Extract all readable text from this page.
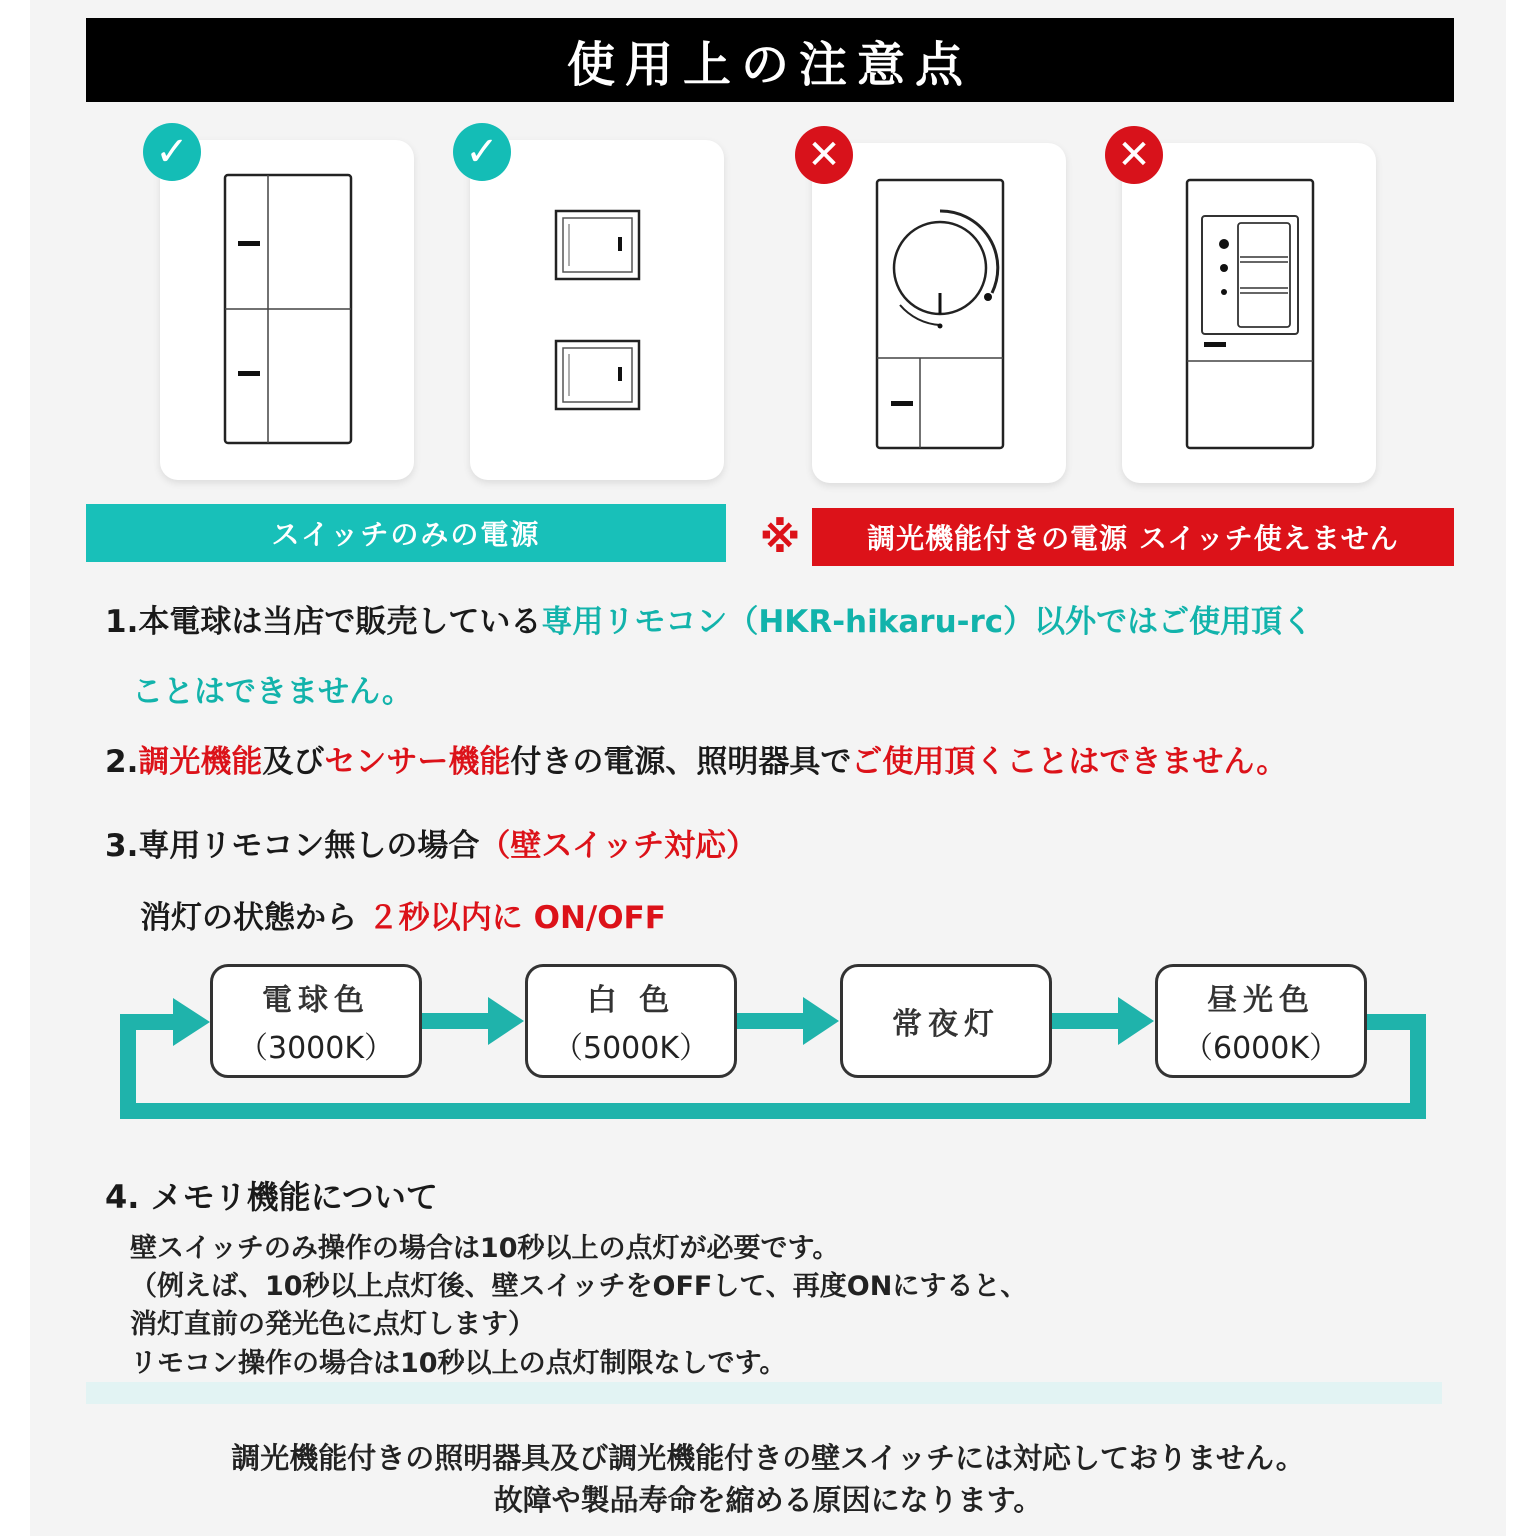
使用上の注意点
✓	✓	✕	✕
スイッチのみの電源	※	調光機能付きの電源 スイッチ使えません
1.本電球は当店で販売している専用リモコン（HKR-hikaru-rc）以外ではご使用頂く
ことはできません。
2.調光機能及びセンサー機能付きの電源、照明器具でご使用頂くことはできません。
3.専用リモコン無しの場合（壁スイッチ対応）
消灯の状態から ２秒以内に ON/OFF
電球色
（3000K）
白 色
（5000K）
常夜灯
昼光色
（6000K）
4. メモリ機能について
壁スイッチのみ操作の場合は10秒以上の点灯が必要です。
（例えば、10秒以上点灯後、壁スイッチをOFFして、再度ONにすると、
消灯直前の発光色に点灯します）
リモコン操作の場合は10秒以上の点灯制限なしです。
調光機能付きの照明器具及び調光機能付きの壁スイッチには対応しておりません。
故障や製品寿命を縮める原因になります。
